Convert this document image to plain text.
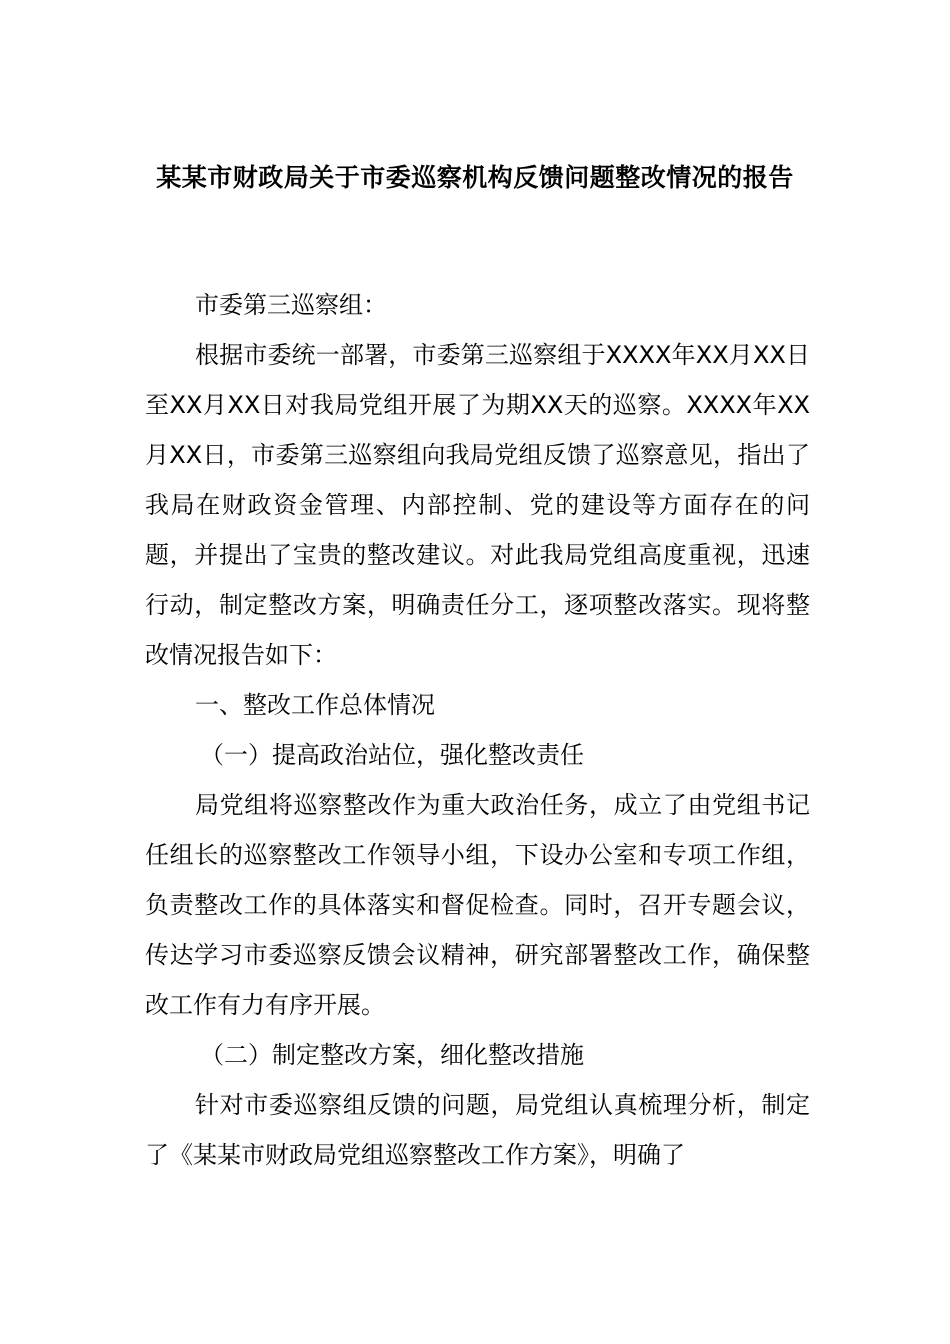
某某市财政局关于市委巡察机构反馈问题整改情况的报告

市委第三巡察组：

根据市委统一部署，市委第三巡察组于XXXX年XX月XX日至XX月XX日对我局党组开展了为期XX天的巡察。XXXX年XX月XX日，市委第三巡察组向我局党组反馈了巡察意见，指出了我局在财政资金管理、内部控制、党的建设等方面存在的问题，并提出了宝贵的整改建议。对此我局党组高度重视，迅速行动，制定整改方案，明确责任分工，逐项整改落实。现将整改情况报告如下：

一、整改工作总体情况

（一）提高政治站位，强化整改责任

局党组将巡察整改作为重大政治任务，成立了由党组书记任组长的巡察整改工作领导小组，下设办公室和专项工作组，负责整改工作的具体落实和督促检查。同时，召开专题会议，传达学习市委巡察反馈会议精神，研究部署整改工作，确保整改工作有力有序开展。

（二）制定整改方案，细化整改措施

针对市委巡察组反馈的问题，局党组认真梳理分析，制定了《某某市财政局党组巡察整改工作方案》，明确了
